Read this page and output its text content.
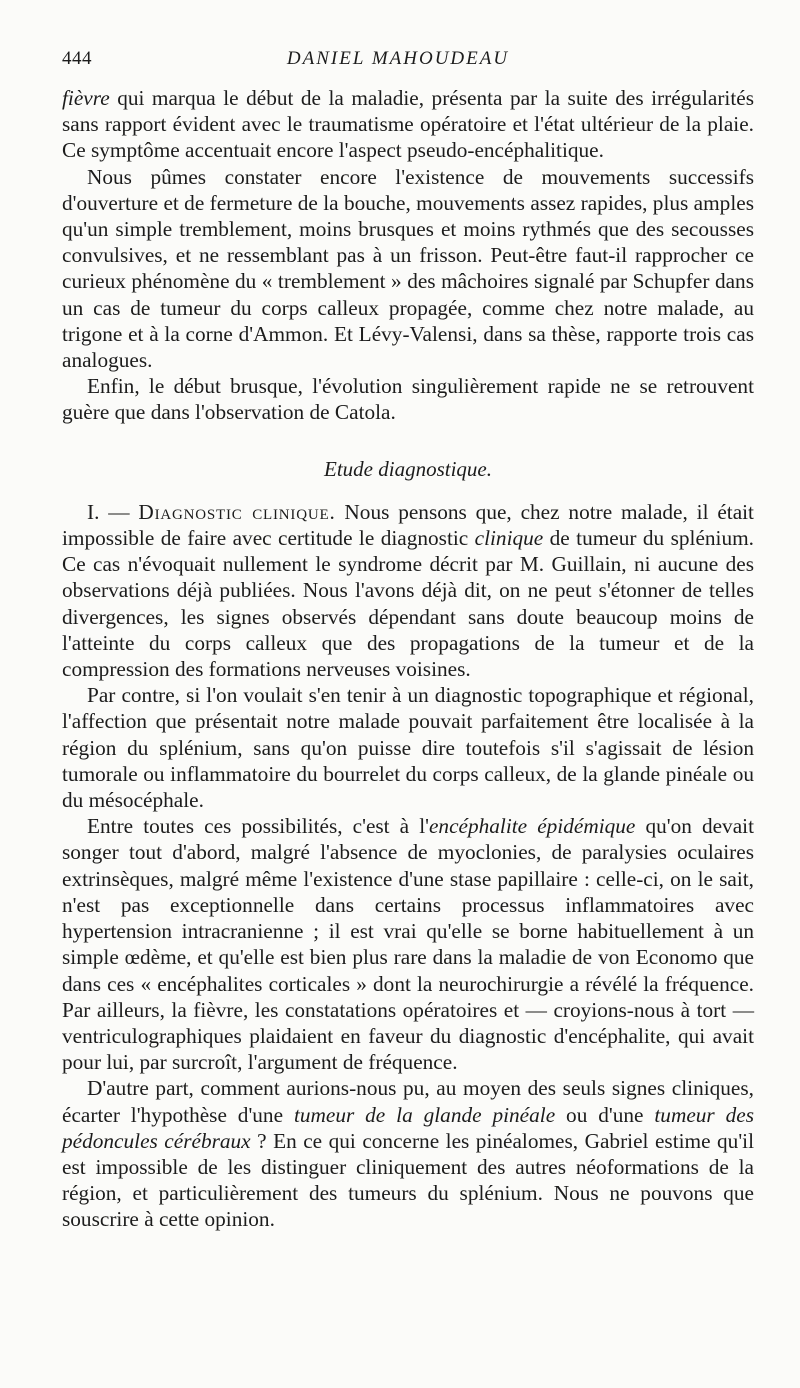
444	DANIEL MAHOUDEAU

fièvre qui marqua le début de la maladie, présenta par la suite des irrégularités sans rapport évident avec le traumatisme opératoire et l'état ultérieur de la plaie. Ce symptôme accentuait encore l'aspect pseudo-encéphalitique.

Nous pûmes constater encore l'existence de mouvements successifs d'ouverture et de fermeture de la bouche, mouvements assez rapides, plus amples qu'un simple tremblement, moins brusques et moins rythmés que des secousses convulsives, et ne ressemblant pas à un frisson. Peut-être faut-il rapprocher ce curieux phénomène du « tremblement » des mâchoires signalé par Schupfer dans un cas de tumeur du corps calleux propagée, comme chez notre malade, au trigone et à la corne d'Ammon. Et Lévy-Valensi, dans sa thèse, rapporte trois cas analogues.

Enfin, le début brusque, l'évolution singulièrement rapide ne se retrouvent guère que dans l'observation de Catola.

Etude diagnostique.

I. — Diagnostic clinique. Nous pensons que, chez notre malade, il était impossible de faire avec certitude le diagnostic clinique de tumeur du splénium. Ce cas n'évoquait nullement le syndrome décrit par M. Guillain, ni aucune des observations déjà publiées. Nous l'avons déjà dit, on ne peut s'étonner de telles divergences, les signes observés dépendant sans doute beaucoup moins de l'atteinte du corps calleux que des propagations de la tumeur et de la compression des formations nerveuses voisines.

Par contre, si l'on voulait s'en tenir à un diagnostic topographique et régional, l'affection que présentait notre malade pouvait parfaitement être localisée à la région du splénium, sans qu'on puisse dire toutefois s'il s'agissait de lésion tumorale ou inflammatoire du bourrelet du corps calleux, de la glande pinéale ou du mésocéphale.

Entre toutes ces possibilités, c'est à l'encéphalite épidémique qu'on devait songer tout d'abord, malgré l'absence de myoclonies, de paralysies oculaires extrinsèques, malgré même l'existence d'une stase papillaire : celle-ci, on le sait, n'est pas exceptionnelle dans certains processus inflammatoires avec hypertension intracranienne ; il est vrai qu'elle se borne habituellement à un simple œdème, et qu'elle est bien plus rare dans la maladie de von Economo que dans ces « encéphalites corticales » dont la neurochirurgie a révélé la fréquence. Par ailleurs, la fièvre, les constatations opératoires et — croyions-nous à tort — ventriculographiques plaidaient en faveur du diagnostic d'encéphalite, qui avait pour lui, par surcroît, l'argument de fréquence.

D'autre part, comment aurions-nous pu, au moyen des seuls signes cliniques, écarter l'hypothèse d'une tumeur de la glande pinéale ou d'une tumeur des pédoncules cérébraux ? En ce qui concerne les pinéalomes, Gabriel estime qu'il est impossible de les distinguer cliniquement des autres néoformations de la région, et particulièrement des tumeurs du splénium. Nous ne pouvons que souscrire à cette opinion.
